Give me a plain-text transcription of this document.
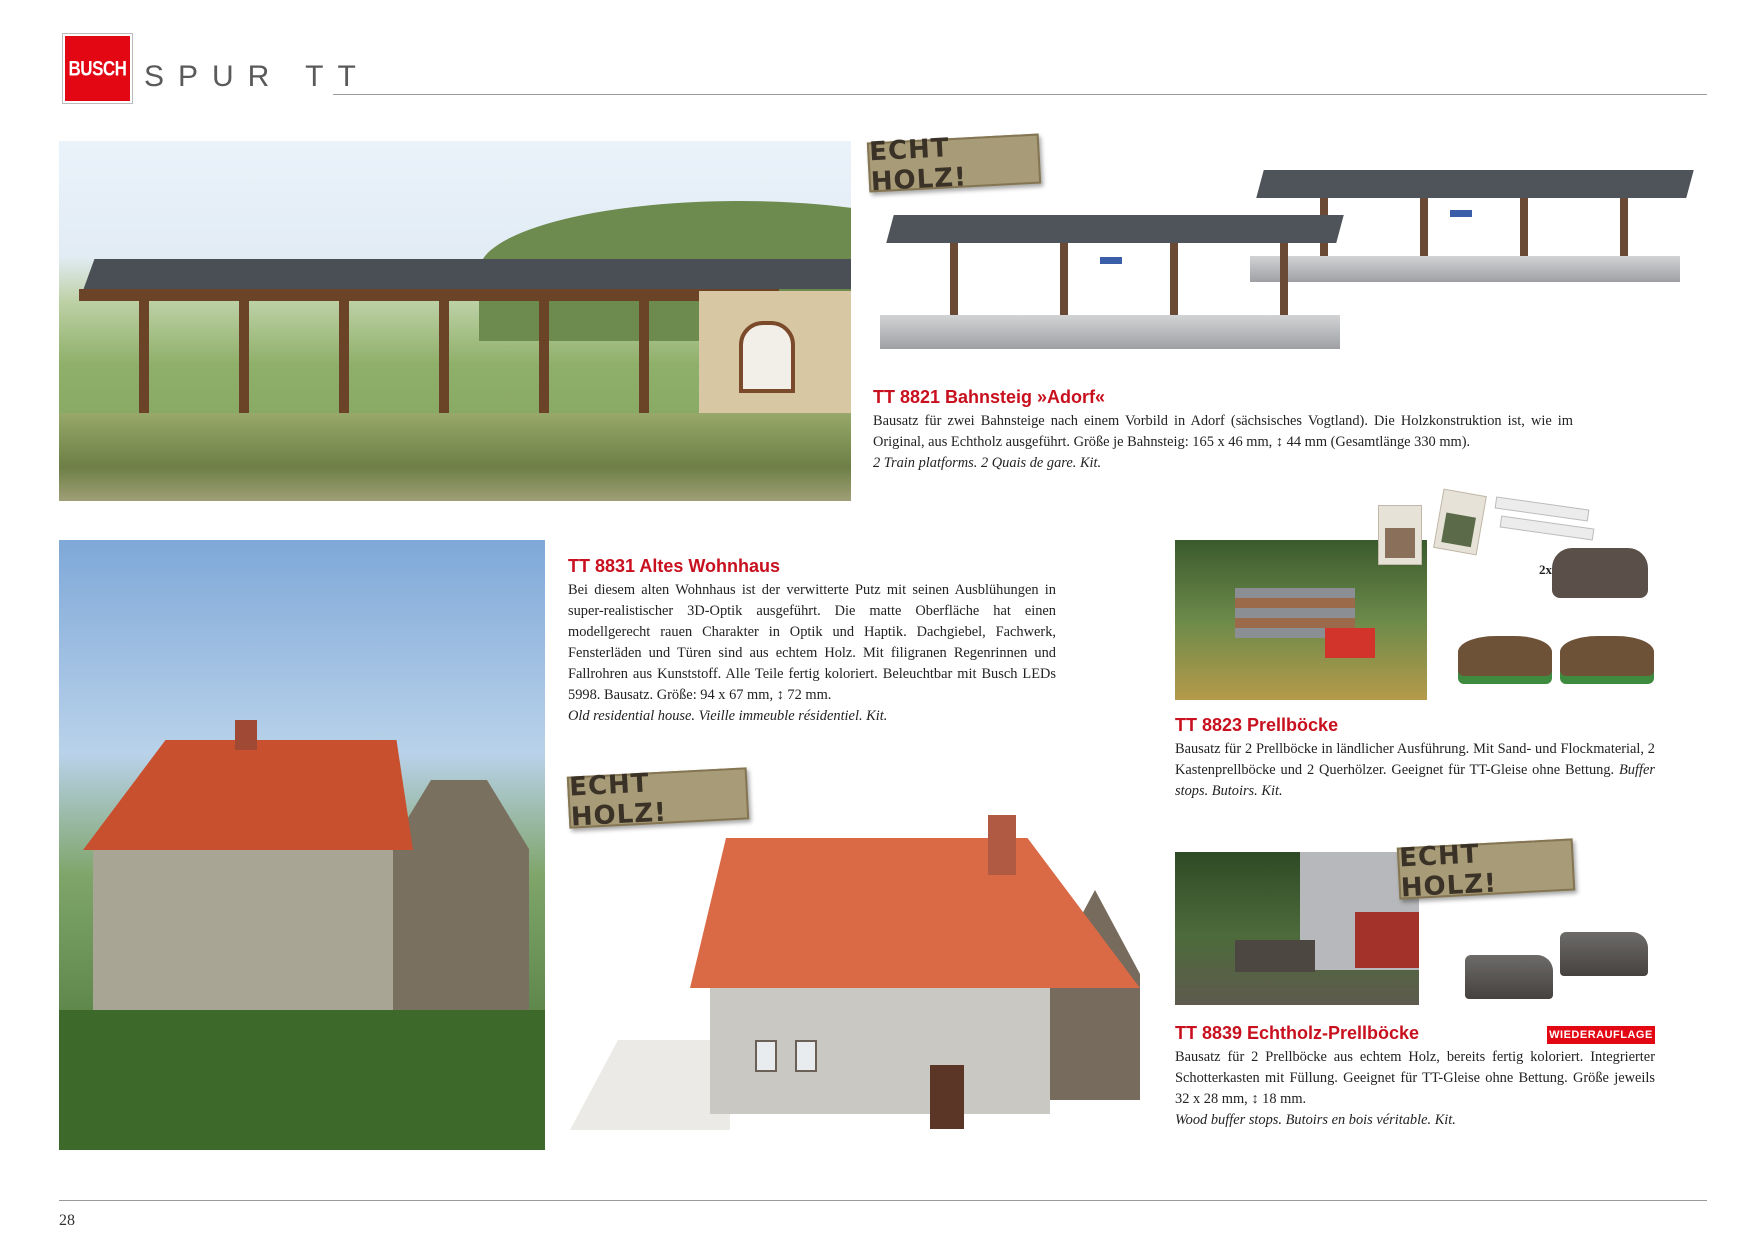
BUSCH SPUR TT
ECHT HOLZ!

TT 8821 Bahnsteig »Adorf«

Bausatz für zwei Bahnsteige nach einem Vorbild in Adorf (sächsisches Vogtland). Die Holzkonstruktion ist, wie im Original, aus Echtholz ausgeführt. Größe je Bahnsteig: 165 x 46 mm, ↕ 44 mm (Gesamtlänge 330 mm).

2 Train platforms. 2 Quais de gare. Kit.

TT 8831 Altes Wohnhaus

Bei diesem alten Wohnhaus ist der verwitterte Putz mit seinen Ausblühungen in super-realistischer 3D-Optik ausgeführt. Die matte Oberfläche hat einen modellgerecht rauen Charakter in Optik und Haptik. Dachgiebel, Fachwerk, Fensterläden und Türen sind aus echtem Holz. Mit filigranen Regenrinnen und Fallrohren aus Kunststoff. Alle Teile fertig koloriert. Beleuchtbar mit Busch LEDs 5998. Bausatz. Größe: 94 x 67 mm, ↕ 72 mm.

Old residential house. Vieille immeuble résidentiel. Kit.

ECHT HOLZ!
2x

TT 8823 Prellböcke

Bausatz für 2 Prellböcke in ländlicher Ausführung. Mit Sand- und Flockmaterial, 2 Kastenprellböcke und 2 Querhölzer. Geeignet für TT-Gleise ohne Bettung. Buffer stops. Butoirs. Kit.

ECHT HOLZ!
WIEDERAUFLAGE

TT 8839 Echtholz-Prellböcke

Bausatz für 2 Prellböcke aus echtem Holz, bereits fertig koloriert. Integrierter Schotterkasten mit Füllung. Geeignet für TT-Gleise ohne Bettung. Größe jeweils 32 x 28 mm, ↕ 18 mm.

Wood buffer stops. Butoirs en bois véritable. Kit.

28
